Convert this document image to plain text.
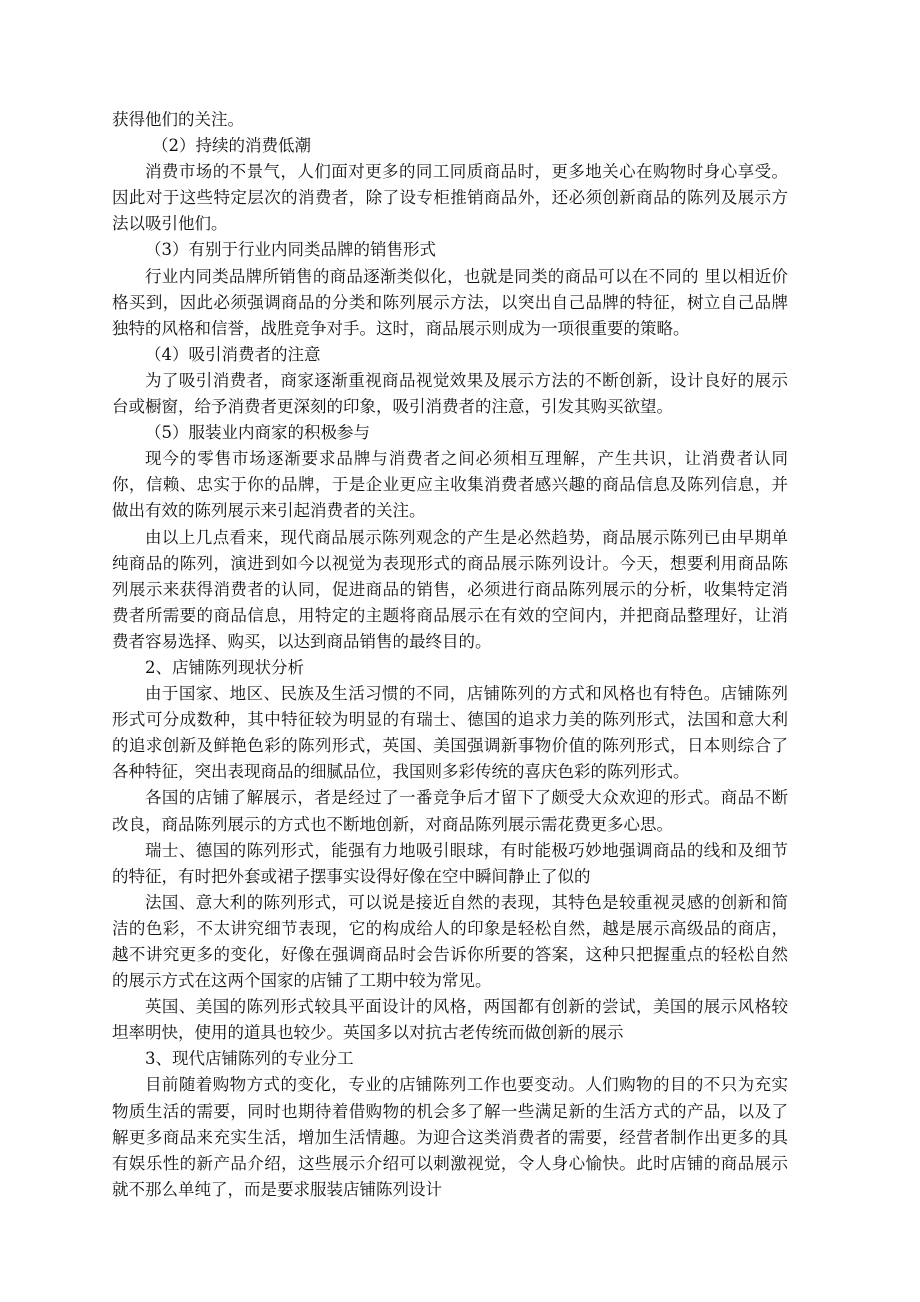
获得他们的关注。

（2）持续的消费低潮

消费市场的不景气，人们面对更多的同工同质商品时，更多地关心在购物时身心享受。因此对于这些特定层次的消费者，除了设专柜推销商品外，还必须创新商品的陈列及展示方法以吸引他们。

（3）有别于行业内同类品牌的销售形式

行业内同类品牌所销售的商品逐渐类似化，也就是同类的商品可以在不同的 里以相近价格买到，因此必须强调商品的分类和陈列展示方法，以突出自己品牌的特征，树立自己品牌独特的风格和信誉，战胜竞争对手。这时，商品展示则成为一项很重要的策略。

（4）吸引消费者的注意

为了吸引消费者，商家逐渐重视商品视觉效果及展示方法的不断创新，设计良好的展示台或橱窗，给予消费者更深刻的印象，吸引消费者的注意，引发其购买欲望。

（5）服装业内商家的积极参与

现今的零售市场逐渐要求品牌与消费者之间必须相互理解，产生共识，让消费者认同你，信赖、忠实于你的品牌，于是企业更应主收集消费者感兴趣的商品信息及陈列信息，并做出有效的陈列展示来引起消费者的关注。

由以上几点看来，现代商品展示陈列观念的产生是必然趋势，商品展示陈列已由早期单纯商品的陈列，演进到如今以视觉为表现形式的商品展示陈列设计。今天，想要利用商品陈列展示来获得消费者的认同，促进商品的销售，必须进行商品陈列展示的分析，收集特定消费者所需要的商品信息，用特定的主题将商品展示在有效的空间内，并把商品整理好，让消费者容易选择、购买，以达到商品销售的最终目的。

2、店铺陈列现状分析

由于国家、地区、民族及生活习惯的不同，店铺陈列的方式和风格也有特色。店铺陈列形式可分成数种，其中特征较为明显的有瑞士、德国的追求力美的陈列形式，法国和意大利的追求创新及鲜艳色彩的陈列形式，英国、美国强调新事物价值的陈列形式，日本则综合了各种特征，突出表现商品的细腻品位，我国则多彩传统的喜庆色彩的陈列形式。

各国的店铺了解展示，者是经过了一番竞争后才留下了颇受大众欢迎的形式。商品不断改良，商品陈列展示的方式也不断地创新，对商品陈列展示需花费更多心思。

瑞士、德国的陈列形式，能强有力地吸引眼球，有时能极巧妙地强调商品的线和及细节的特征，有时把外套或裙子摆事实设得好像在空中瞬间静止了似的

法国、意大利的陈列形式，可以说是接近自然的表现，其特色是较重视灵感的创新和简洁的色彩，不太讲究细节表现，它的构成给人的印象是轻松自然，越是展示高级品的商店，越不讲究更多的变化，好像在强调商品时会告诉你所要的答案，这种只把握重点的轻松自然的展示方式在这两个国家的店铺了工期中较为常见。

英国、美国的陈列形式较具平面设计的风格，两国都有创新的尝试，美国的展示风格较坦率明快，使用的道具也较少。英国多以对抗古老传统而做创新的展示

3、现代店铺陈列的专业分工

目前随着购物方式的变化，专业的店铺陈列工作也要变动。人们购物的目的不只为充实物质生活的需要，同时也期待着借购物的机会多了解一些满足新的生活方式的产品，以及了解更多商品来充实生活，增加生活情趣。为迎合这类消费者的需要，经营者制作出更多的具有娱乐性的新产品介绍，这些展示介绍可以刺激视觉，令人身心愉快。此时店铺的商品展示就不那么单纯了，而是要求服装店铺陈列设计
